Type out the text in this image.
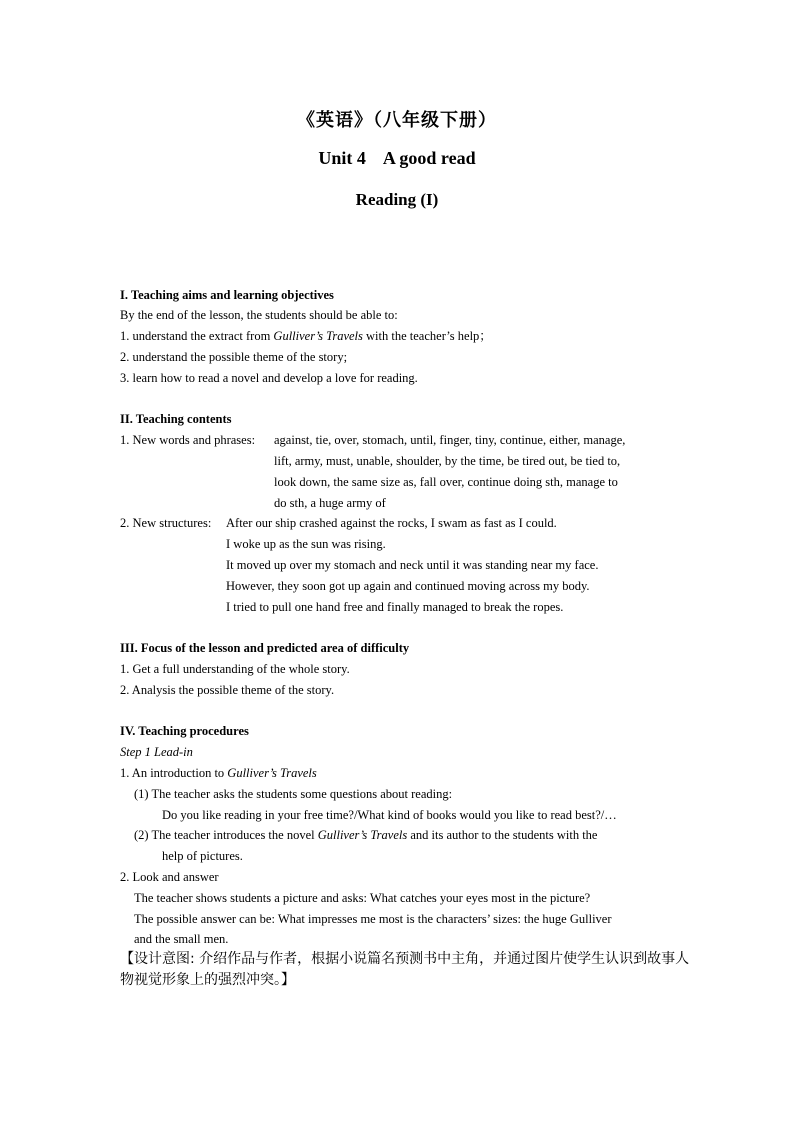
《英语》（八年级下册）
Unit 4    A good read
Reading (I)
I. Teaching aims and learning objectives
By the end of the lesson, the students should be able to:
1. understand the extract from Gulliver’s Travels with the teacher’s help；
2. understand the possible theme of the story;
3. learn how to read a novel and develop a love for reading.
II. Teaching contents
1. New words and phrases: against, tie, over, stomach, until, finger, tiny, continue, either, manage,
lift, army, must, unable, shoulder, by the time, be tired out, be tied to,
look down, the same size as, fall over, continue doing sth, manage to
do sth, a huge army of
2. New structures: After our ship crashed against the rocks, I swam as fast as I could.
I woke up as the sun was rising.
It moved up over my stomach and neck until it was standing near my face.
However, they soon got up again and continued moving across my body.
I tried to pull one hand free and finally managed to break the ropes.
III. Focus of the lesson and predicted area of difficulty
1. Get a full understanding of the whole story.
2. Analysis the possible theme of the story.
IV. Teaching procedures
Step 1 Lead-in
1. An introduction to Gulliver’s Travels
(1) The teacher asks the students some questions about reading:
Do you like reading in your free time?/What kind of books would you like to read best?/…
(2) The teacher introduces the novel Gulliver’s Travels and its author to the students with the
help of pictures.
2. Look and answer
The teacher shows students a picture and asks: What catches your eyes most in the picture?
The possible answer can be: What impresses me most is the characters’ sizes: the huge Gulliver
and the small men.
【设计意图: 介绍作品与作者，根据小说篇名预测书中主角，并通过图片使学生认识到故事人物视觉形象上的强烈冲突。】
